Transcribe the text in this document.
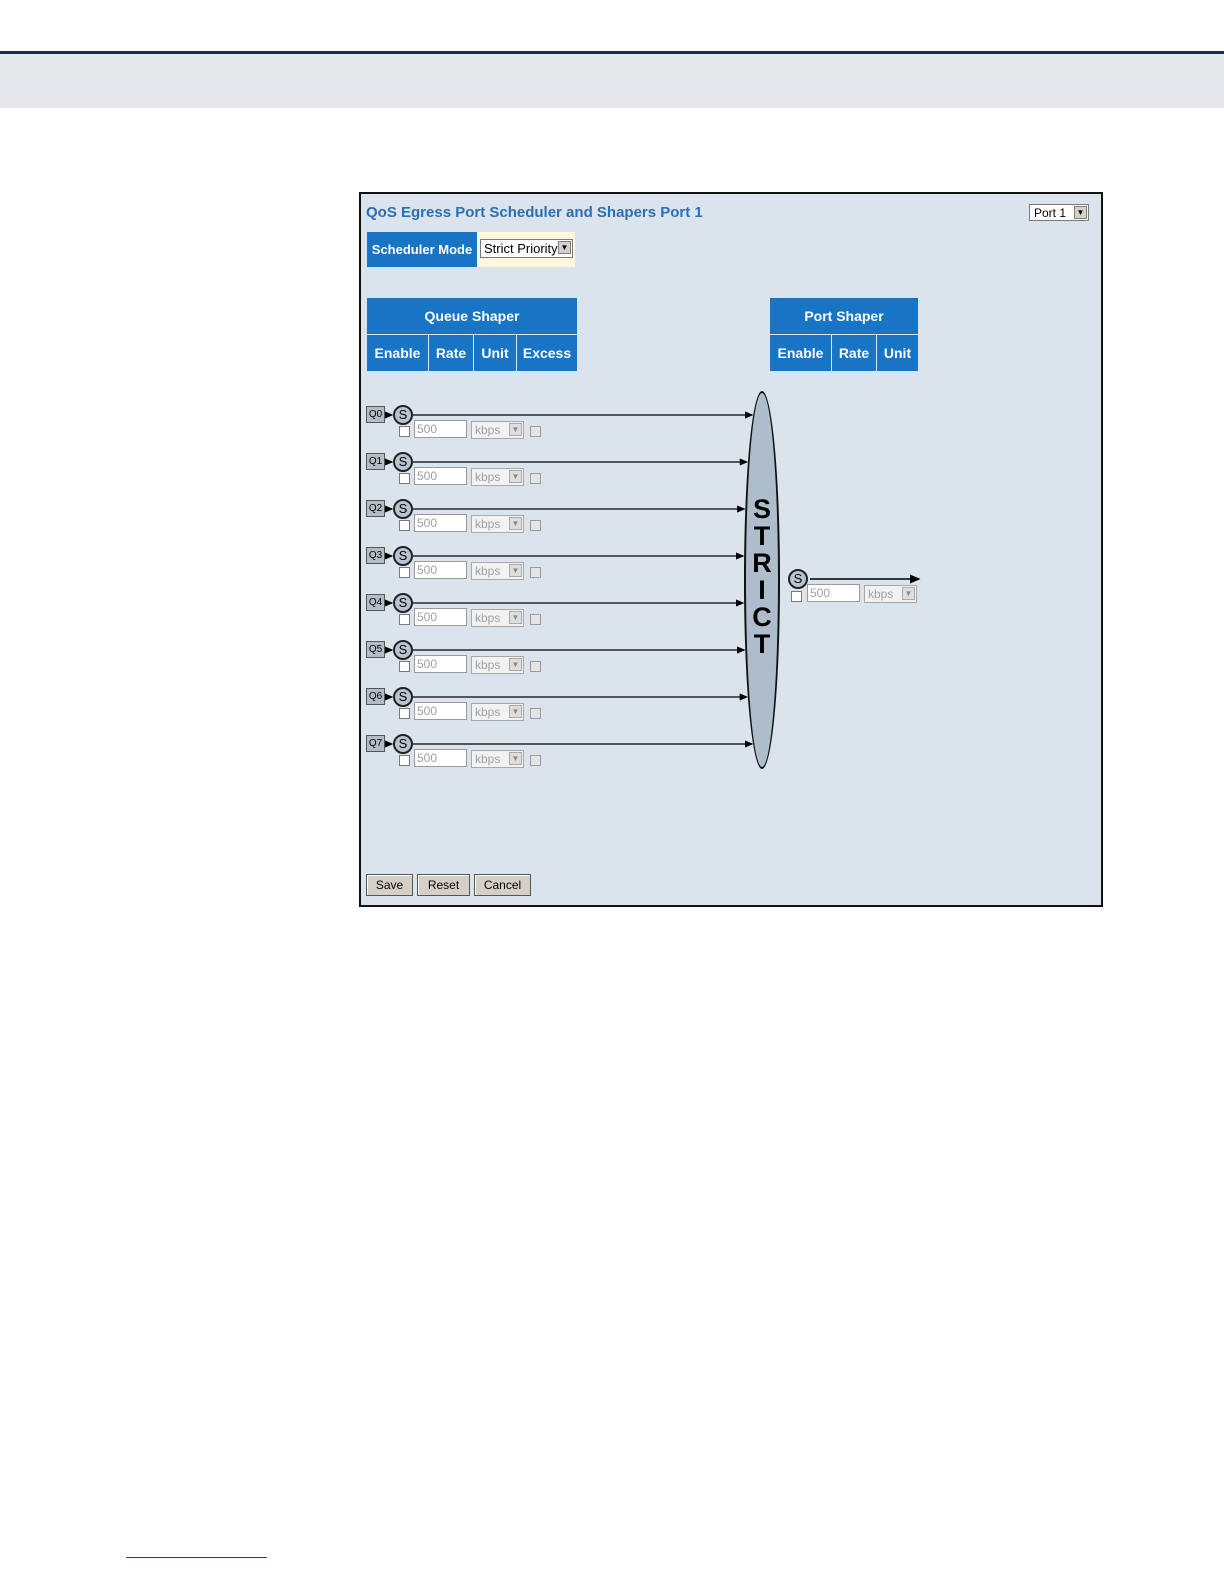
QoS Egress Port Scheduler and Shapers Port 1	Port 1	▼
Scheduler Mode Strict Priority ▼
Queue Shaper
Enable	Rate	Unit	Excess
Port Shaper
Enable	Rate	Unit
Q0	S
500	kbps	▼
Q1	S
500	kbps	▼
Q2	S
500	kbps	▼
Q3	S
500	kbps	▼
Q4	S
500	kbps	▼
Q5	S
500	kbps	▼
Q6	S
500	kbps	▼
Q7	S
500	kbps	▼
S
T
R
I
C
T
S
500	kbps	▼
Save	Reset	Cancel
